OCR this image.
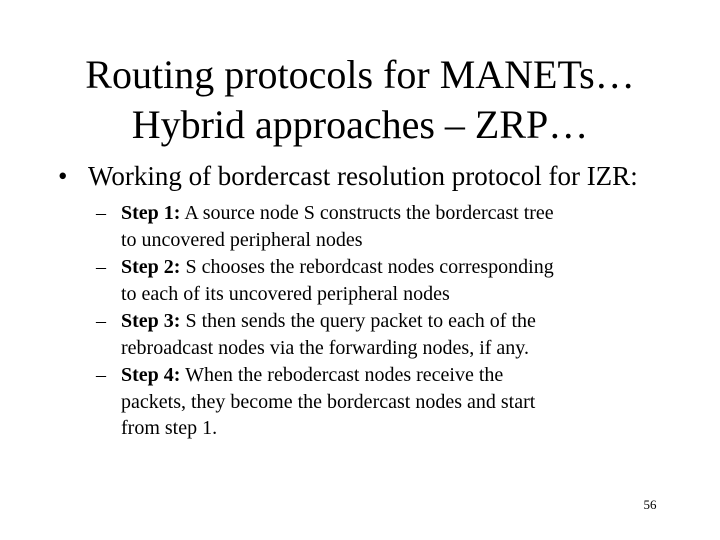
Routing protocols for MANETs…
Hybrid approaches – ZRP…
• Working of bordercast resolution protocol for IZR:
– Step 1: A source node S constructs the bordercast tree
to uncovered peripheral nodes
– Step 2: S chooses the rebordcast nodes corresponding
to each of its uncovered peripheral nodes
– Step 3: S then sends the query packet to each of the
rebroadcast nodes via the forwarding nodes, if any.
– Step 4: When the rebodercast nodes receive the
packets, they become the bordercast nodes and start
from step 1.
56
